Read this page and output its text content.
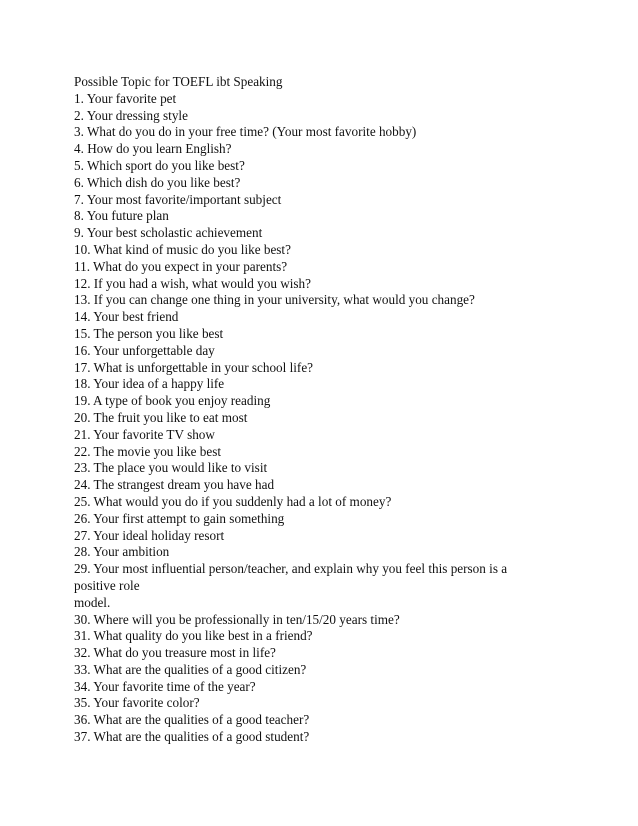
Possible Topic for TOEFL ibt Speaking

1. Your favorite pet

2. Your dressing style

3. What do you do in your free time? (Your most favorite hobby)

4. How do you learn English?

5. Which sport do you like best?

6. Which dish do you like best?

7. Your most favorite/important subject

8. You future plan

9. Your best scholastic achievement

10. What kind of music do you like best?

11. What do you expect in your parents?

12. If you had a wish, what would you wish?

13. If you can change one thing in your university, what would you change?

14. Your best friend

15. The person you like best

16. Your unforgettable day

17. What is unforgettable in your school life?

18. Your idea of a happy life

19. A type of book you enjoy reading

20. The fruit you like to eat most

21. Your favorite TV show

22. The movie you like best

23. The place you would like to visit

24. The strangest dream you have had

25. What would you do if you suddenly had a lot of money?

26. Your first attempt to gain something

27. Your ideal holiday resort

28. Your ambition

29. Your most influential person/teacher, and explain why you feel this person is a

positive role

model.

30. Where will you be professionally in ten/15/20 years time?

31. What quality do you like best in a friend?

32. What do you treasure most in life?

33. What are the qualities of a good citizen?

34. Your favorite time of the year?

35. Your favorite color?

36. What are the qualities of a good teacher?

37. What are the qualities of a good student?
